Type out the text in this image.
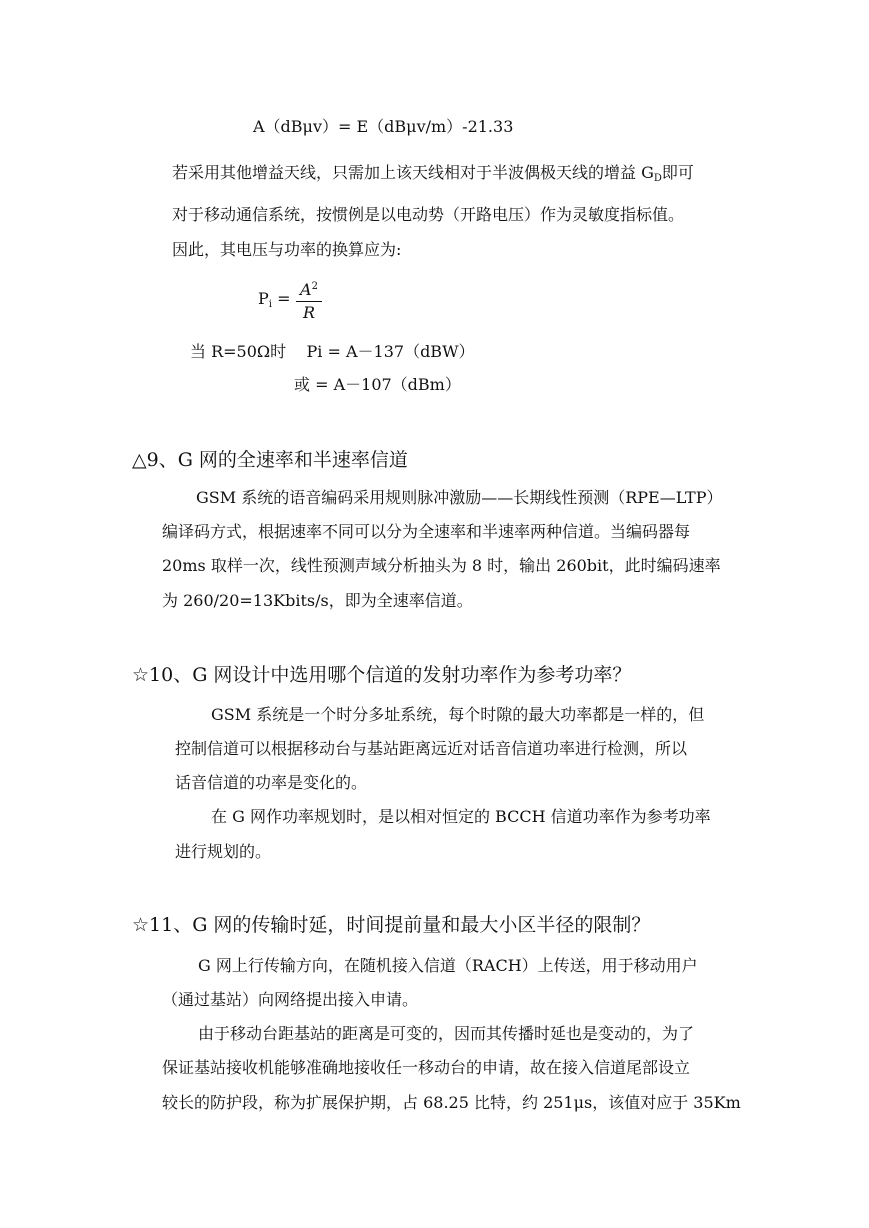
A（dBμv）= E（dBμv/m）-21.33
若采用其他增益天线，只需加上该天线相对于半波偶极天线的增益 $G_D$即可
对于移动通信系统，按惯例是以电动势（开路电压）作为灵敏度指标值。
因此，其电压与功率的换算应为:
$P_i = A^2$
R
当 R=50Ω时    Pi = A－137（dBW）
或 = A－107（dBm）
△9、G 网的全速率和半速率信道
GSM 系统的语音编码采用规则脉冲激励——长期线性预测（RPE—LTP）
编译码方式，根据速率不同可以分为全速率和半速率两种信道。当编码器每
20ms 取样一次，线性预测声域分析抽头为 8 时，输出 260bit，此时编码速率
为 260/20=13Kbits/s，即为全速率信道。
☆10、G 网设计中选用哪个信道的发射功率作为参考功率？
GSM 系统是一个时分多址系统，每个时隙的最大功率都是一样的，但
控制信道可以根据移动台与基站距离远近对话音信道功率进行检测，所以
话音信道的功率是变化的。
在 G 网作功率规划时，是以相对恒定的 BCCH 信道功率作为参考功率
进行规划的。
☆11、G 网的传输时延，时间提前量和最大小区半径的限制？
G 网上行传输方向，在随机接入信道（RACH）上传送，用于移动用户
（通过基站）向网络提出接入申请。
由于移动台距基站的距离是可变的，因而其传播时延也是变动的，为了
保证基站接收机能够准确地接收任一移动台的申请，故在接入信道尾部设立
较长的防护段，称为扩展保护期，占 68.25 比特，约 251μs，该值对应于 35Km
